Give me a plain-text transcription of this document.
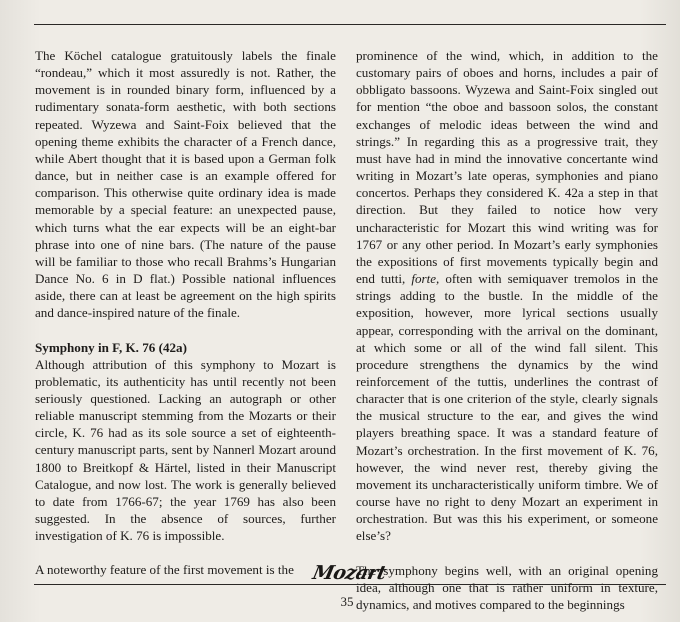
The Köchel catalogue gratuitously labels the finale “rondeau,” which it most assuredly is not. Rather, the movement is in rounded binary form, influenced by a rudimentary sonata-form aesthetic, with both sections repeated. Wyzewa and Saint-Foix believed that the opening theme exhibits the character of a French dance, while Abert thought that it is based upon a German folk dance, but in neither case is an example offered for comparison. This otherwise quite ordinary idea is made memorable by a special feature: an unexpected pause, which turns what the ear expects will be an eight-bar phrase into one of nine bars. (The nature of the pause will be familiar to those who recall Brahms’s Hungarian Dance No. 6 in D flat.) Possible national influences aside, there can at least be agreement on the high spirits and dance-inspired nature of the finale.

Symphony in F, K. 76 (42a)

Although attribution of this symphony to Mozart is problematic, its authenticity has until recently not been seriously questioned. Lacking an autograph or other reliable manuscript stemming from the Mozarts or their circle, K. 76 had as its sole source a set of eighteenth-century manuscript parts, sent by Nannerl Mozart around 1800 to Breitkopf & Härtel, listed in their Manuscript Catalogue, and now lost. The work is generally believed to date from 1766-67; the year 1769 has also been suggested. In the absence of sources, further investigation of K. 76 is impossible.

A noteworthy feature of the first movement is the

prominence of the wind, which, in addition to the customary pairs of oboes and horns, includes a pair of obbligato bassoons. Wyzewa and Saint-Foix singled out for mention “the oboe and bassoon solos, the constant exchanges of melodic ideas between the wind and strings.” In regarding this as a progressive trait, they must have had in mind the innovative concertante wind writing in Mozart’s late operas, symphonies and piano concertos. Perhaps they considered K. 42a a step in that direction. But they failed to notice how very uncharacteristic for Mozart this wind writing was for 1767 or any other period. In Mozart’s early symphonies the expositions of first movements typically begin and end tutti, forte, often with semiquaver tremolos in the strings adding to the bustle. In the middle of the exposition, however, more lyrical sections usually appear, corresponding with the arrival on the dominant, at which some or all of the wind fall silent. This procedure strengthens the dynamics by the wind reinforcement of the tuttis, underlines the contrast of character that is one criterion of the style, clearly signals the musical structure to the ear, and gives the wind players breathing space. It was a standard feature of Mozart’s orchestration. In the first movement of K. 76, however, the wind never rest, thereby giving the movement its uncharacteristically uniform timbre. We of course have no right to deny Mozart an experiment in orchestration. But was this his experiment, or someone else’s?

The symphony begins well, with an original opening idea, although one that is rather uniform in texture, dynamics, and motives compared to the beginnings

Mozart
35
